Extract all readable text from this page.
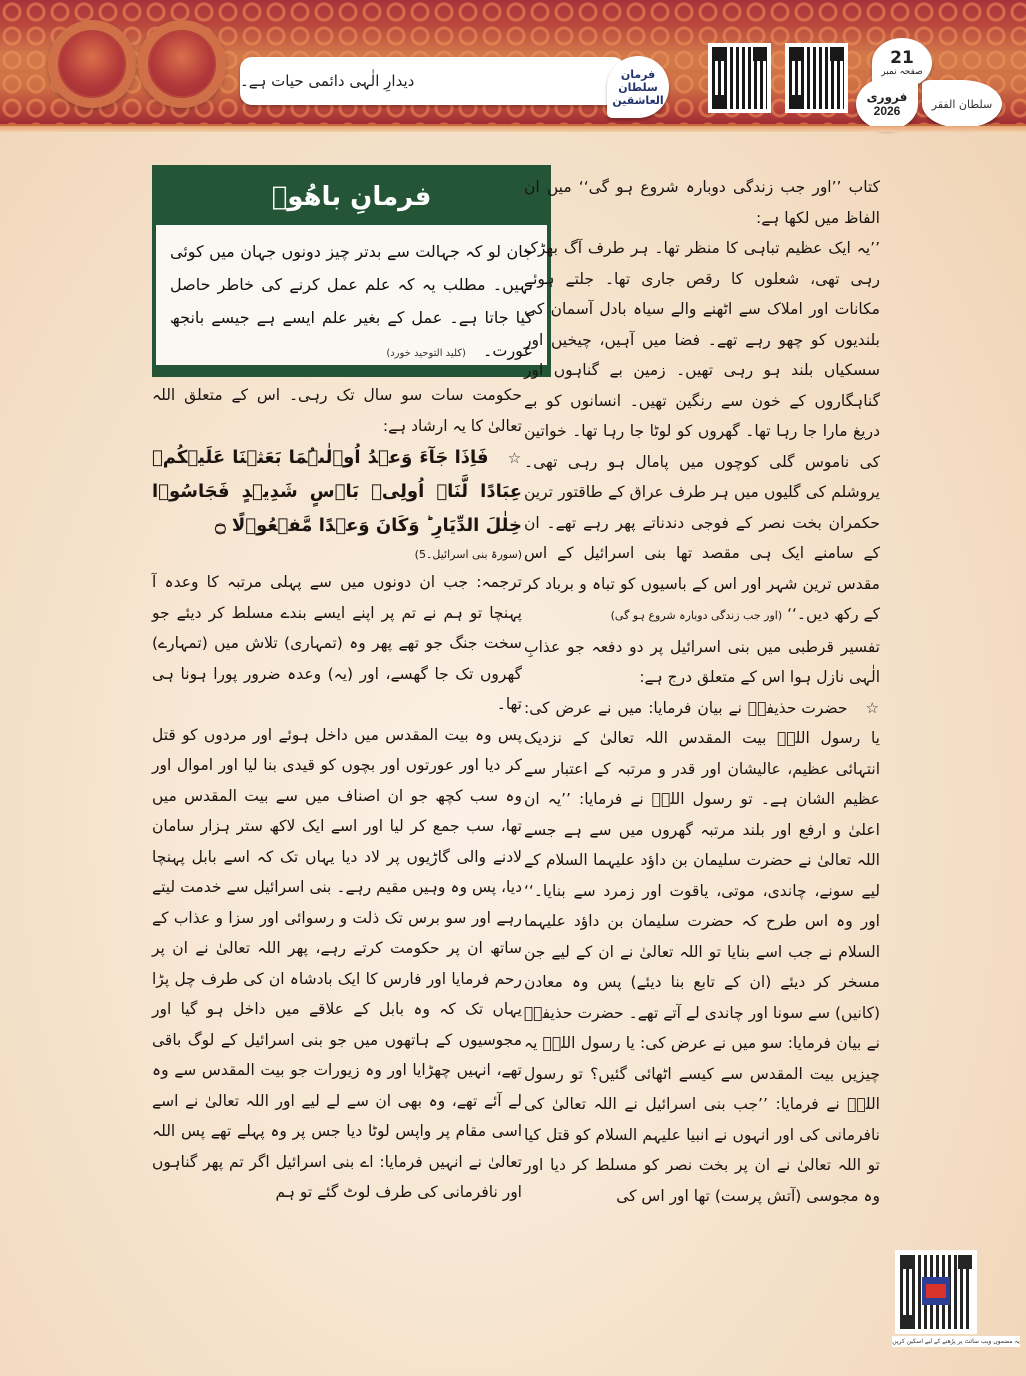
دیدارِ الٰہی دائمی حیات ہے۔	فرمان
سلطان العاشقین
21
صفحہ نمبر
فروری
2026	سلطان الفقر
فرمانِ باھُوؒ
جان لو کہ جہالت سے بدتر چیز دونوں جہان میں کوئی نہیں۔ مطلب یہ کہ علم عمل کرنے کی خاطر حاصل کیا جاتا ہے۔ عمل کے بغیر علم ایسے ہے جیسے بانجھ عورت۔ (کلید التوحید خورد)

کتاب ’’اور جب زندگی دوبارہ شروع ہو گی‘‘ میں ان الفاظ میں لکھا ہے:

’’یہ ایک عظیم تباہی کا منظر تھا۔ ہر طرف آگ بھڑک رہی تھی، شعلوں کا رقص جاری تھا۔ جلتے ہوئے مکانات اور املاک سے اٹھنے والے سیاہ بادل آسمان کی بلندیوں کو چھو رہے تھے۔ فضا میں آہیں، چیخیں اور سسکیاں بلند ہو رہی تھیں۔ زمین بے گناہوں اور گناہگاروں کے خون سے رنگین تھیں۔ انسانوں کو بے دریغ مارا جا رہا تھا۔ گھروں کو لوٹا جا رہا تھا۔ خواتین کی ناموس گلی کوچوں میں پامال ہو رہی تھی۔ یروشلم کی گلیوں میں ہر طرف عراق کے طاقتور ترین حکمران بخت نصر کے فوجی دندناتے پھر رہے تھے۔ ان کے سامنے ایک ہی مقصد تھا بنی اسرائیل کے اس مقدس ترین شہر اور اس کے باسیوں کو تباہ و برباد کر کے رکھ دیں۔‘‘ (اور جب زندگی دوبارہ شروع ہو گی)

تفسیر قرطبی میں بنی اسرائیل پر دو دفعہ جو عذابِ الٰہی نازل ہوا اس کے متعلق درج ہے:

☆ حضرت حذیفہؓ نے بیان فرمایا: میں نے عرض کی: یا رسول اللہؐ بیت المقدس اللہ تعالیٰ کے نزدیک انتہائی عظیم، عالیشان اور قدر و مرتبہ کے اعتبار سے عظیم الشان ہے۔ تو رسول اللہؐ نے فرمایا: ’’یہ ان اعلیٰ و ارفع اور بلند مرتبہ گھروں میں سے ہے جسے اللہ تعالیٰ نے حضرت سلیمان بن داؤد علیہما السلام کے لیے سونے، چاندی، موتی، یاقوت اور زمرد سے بنایا۔‘‘ اور وہ اس طرح کہ حضرت سلیمان بن داؤد علیہما السلام نے جب اسے بنایا تو اللہ تعالیٰ نے ان کے لیے جن مسخر کر دیئے (ان کے تابع بنا دیئے) پس وہ معادن (کانیں) سے سونا اور چاندی لے آتے تھے۔ حضرت حذیفہؓ نے بیان فرمایا: سو میں نے عرض کی: یا رسول اللہؐ یہ چیزیں بیت المقدس سے کیسے اٹھائی گئیں؟ تو رسول اللہؐ نے فرمایا: ’’جب بنی اسرائیل نے اللہ تعالیٰ کی نافرمانی کی اور انہوں نے انبیا علیہم السلام کو قتل کیا تو اللہ تعالیٰ نے ان پر بخت نصر کو مسلط کر دیا اور وہ مجوسی (آتش پرست) تھا اور اس کی

حکومت سات سو سال تک رہی۔ اس کے متعلق اللہ تعالیٰ کا یہ ارشاد ہے:

☆ فَاِذَا جَآءَ وَعۡدُ اُوۡلٰىہُمَا بَعَثۡنَا عَلَيۡكُمۡ عِبَادًا لَّنَاۤ اُولِىۡ بَاۡسٍ شَدِيۡدٍ فَجَاسُوۡا خِلٰلَ الدِّيَارِ ؕ وَكَانَ وَعۡدًا مَّفۡعُوۡلًا ۝

(سورۃ بنی اسرائیل۔5)

ترجمہ: جب ان دونوں میں سے پہلی مرتبہ کا وعدہ آ پہنچا تو ہم نے تم پر اپنے ایسے بندے مسلط کر دیئے جو سخت جنگ جو تھے پھر وہ (تمہاری) تلاش میں (تمہارے) گھروں تک جا گھسے، اور (یہ) وعدہ ضرور پورا ہونا ہی تھا۔

پس وہ بیت المقدس میں داخل ہوئے اور مردوں کو قتل کر دیا اور عورتوں اور بچوں کو قیدی بنا لیا اور اموال اور وہ سب کچھ جو ان اصناف میں سے بیت المقدس میں تھا، سب جمع کر لیا اور اسے ایک لاکھ ستر ہزار سامان لادنے والی گاڑیوں پر لاد دیا یہاں تک کہ اسے بابل پہنچا دیا، پس وہ وہیں مقیم رہے۔ بنی اسرائیل سے خدمت لیتے رہے اور سو برس تک ذلت و رسوائی اور سزا و عذاب کے ساتھ ان پر حکومت کرتے رہے، پھر اللہ تعالیٰ نے ان پر رحم فرمایا اور فارس کا ایک بادشاہ ان کی طرف چل پڑا یہاں تک کہ وہ بابل کے علاقے میں داخل ہو گیا اور مجوسیوں کے ہاتھوں میں جو بنی اسرائیل کے لوگ باقی تھے، انہیں چھڑایا اور وہ زیورات جو بیت المقدس سے وہ لے آئے تھے، وہ بھی ان سے لے لیے اور اللہ تعالیٰ نے اسے اسی مقام پر واپس لوٹا دیا جس پر وہ پہلے تھے پس اللہ تعالیٰ نے انہیں فرمایا: اے بنی اسرائیل اگر تم پھر گناہوں اور نافرمانی کی طرف لوٹ گئے تو ہم

یہ مضمون ویب سائٹ پر پڑھنے کے لیے اسکین کریں
